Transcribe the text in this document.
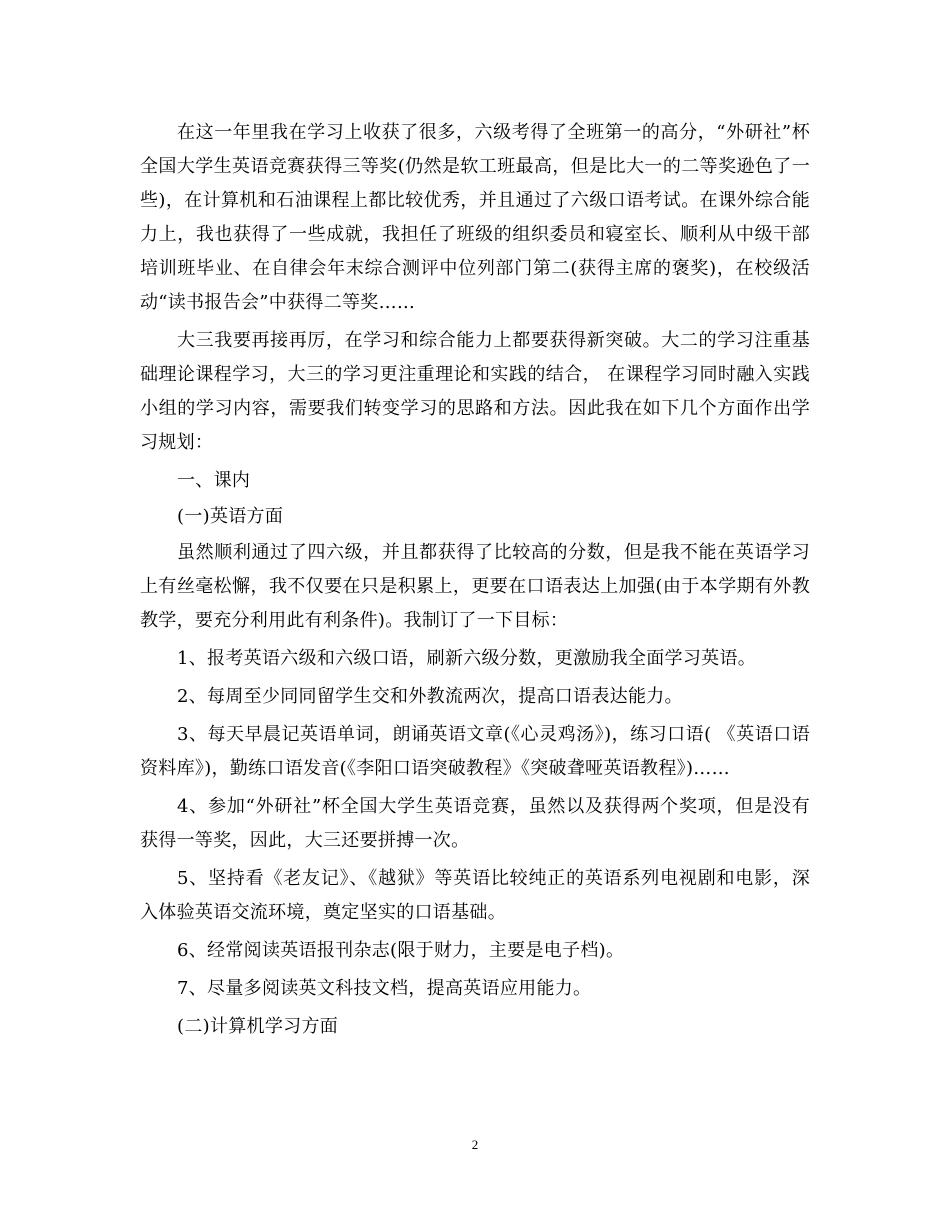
在这一年里我在学习上收获了很多，六级考得了全班第一的高分，“外研社”杯全国大学生英语竞赛获得三等奖(仍然是软工班最高，但是比大一的二等奖逊色了一些)，在计算机和石油课程上都比较优秀，并且通过了六级口语考试。在课外综合能力上，我也获得了一些成就，我担任了班级的组织委员和寝室长、顺利从中级干部培训班毕业、在自律会年末综合测评中位列部门第二(获得主席的褒奖)，在校级活动“读书报告会”中获得二等奖……

大三我要再接再厉，在学习和综合能力上都要获得新突破。大二的学习注重基础理论课程学习，大三的学习更注重理论和实践的结合， 在课程学习同时融入实践小组的学习内容，需要我们转变学习的思路和方法。因此我在如下几个方面作出学习规划：

一、课内

(一)英语方面

虽然顺利通过了四六级，并且都获得了比较高的分数，但是我不能在英语学习上有丝毫松懈，我不仅要在只是积累上，更要在口语表达上加强(由于本学期有外教教学，要充分利用此有利条件)。我制订了一下目标：

1、报考英语六级和六级口语，刷新六级分数，更激励我全面学习英语。

2、每周至少同同留学生交和外教流两次，提高口语表达能力。

3、每天早晨记英语单词，朗诵英语文章(《心灵鸡汤》)，练习口语( 《英语口语资料库》)，勤练口语发音(《李阳口语突破教程》《突破聋哑英语教程》)……

4、参加“外研社”杯全国大学生英语竞赛，虽然以及获得两个奖项，但是没有获得一等奖，因此，大三还要拼搏一次。

5、坚持看《老友记》、《越狱》等英语比较纯正的英语系列电视剧和电影，深入体验英语交流环境，奠定坚实的口语基础。

6、经常阅读英语报刊杂志(限于财力，主要是电子档)。

7、尽量多阅读英文科技文档，提高英语应用能力。

(二)计算机学习方面

2
